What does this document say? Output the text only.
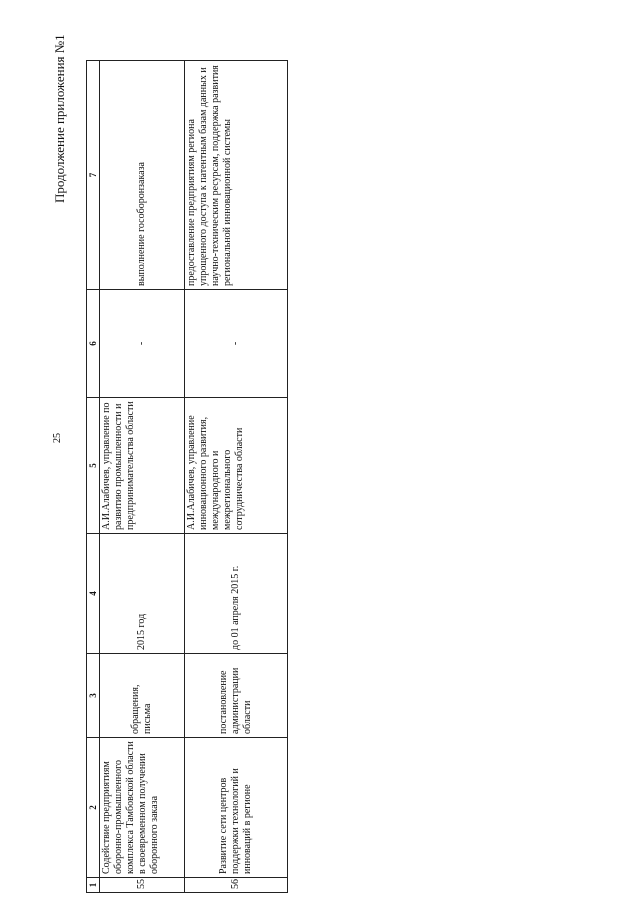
25
Продолжение приложения №1
1	2	3	4	5	6	7
55	Содействие предприятиям оборонно-промышленного комплекса Тамбовской области в своевременном получении оборонного заказа	обращения, письма	2015 год	А.И.Алабичев, управление по развитию промышленности и предпринимательства области	-	выполнение гособоронзаказа
56	Развитие сети центров поддержки технологий и инноваций в регионе	постановление администрации области	до 01 апреля 2015 г.	А.И.Алабичев, управление инновационного развития, международного и межрегионального сотрудничества области	-	предоставление предприятиям региона упрощенного доступа к патентным базам данных и научно-техническим ресурсам, поддержка развития региональной инновационной системы
